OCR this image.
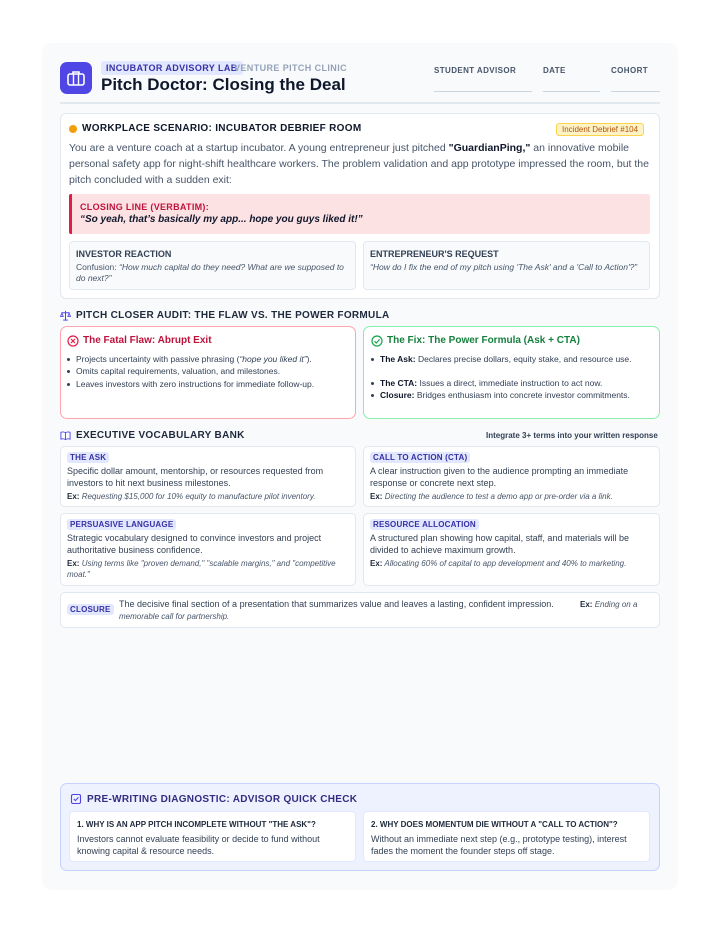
INCUBATOR ADVISORY LAB
VENTURE PITCH CLINIC
Pitch Doctor: Closing the Deal
STUDENT ADVISOR	DATE	COHORT
WORKPLACE SCENARIO: INCUBATOR DEBRIEF ROOM	Incident Debrief #104
You are a venture coach at a startup incubator. A young entrepreneur just pitched "GuardianPing," an innovative mobile personal safety app for night-shift healthcare workers. The problem validation and app prototype impressed the room, but the pitch concluded with a sudden exit:
CLOSING LINE (VERBATIM):
“So yeah, that’s basically my app... hope you guys liked it!”
INVESTOR REACTION
Confusion: “How much capital do they need? What are we supposed to do next?”
ENTREPRENEUR'S REQUEST
“How do I fix the end of my pitch using 'The Ask' and a 'Call to Action'?”
PITCH CLOSER AUDIT: THE FLAW VS. THE POWER FORMULA
The Fatal Flaw: Abrupt Exit
Projects uncertainty with passive phrasing (“hope you liked it”).
Omits capital requirements, valuation, and milestones.
Leaves investors with zero instructions for immediate follow-up.
The Fix: The Power Formula (Ask + CTA)
The Ask: Declares precise dollars, equity stake, and resource use.
The CTA: Issues a direct, immediate instruction to act now.
Closure: Bridges enthusiasm into concrete investor commitments.
EXECUTIVE VOCABULARY BANK	Integrate 3+ terms into your written response
THE ASK
Specific dollar amount, mentorship, or resources requested from investors to hit next business milestones.
Ex: Requesting $15,000 for 10% equity to manufacture pilot inventory.
CALL TO ACTION (CTA)
A clear instruction given to the audience prompting an immediate response or concrete next step.
Ex: Directing the audience to test a demo app or pre-order via a link.
PERSUASIVE LANGUAGE
Strategic vocabulary designed to convince investors and project authoritative business confidence.
Ex: Using terms like "proven demand," "scalable margins," and "competitive moat."
RESOURCE ALLOCATION
A structured plan showing how capital, staff, and materials will be divided to achieve maximum growth.
Ex: Allocating 60% of capital to app development and 40% to marketing.
CLOSURE
The decisive final section of a presentation that summarizes value and leaves a lasting, confident impression.	Ex: Ending on a
memorable call for partnership.
PRE-WRITING DIAGNOSTIC: ADVISOR QUICK CHECK
1. WHY IS AN APP PITCH INCOMPLETE WITHOUT "THE ASK"?
Investors cannot evaluate feasibility or decide to fund without knowing capital & resource needs.
2. WHY DOES MOMENTUM DIE WITHOUT A "CALL TO ACTION"?
Without an immediate next step (e.g., prototype testing), interest fades the moment the founder steps off stage.
